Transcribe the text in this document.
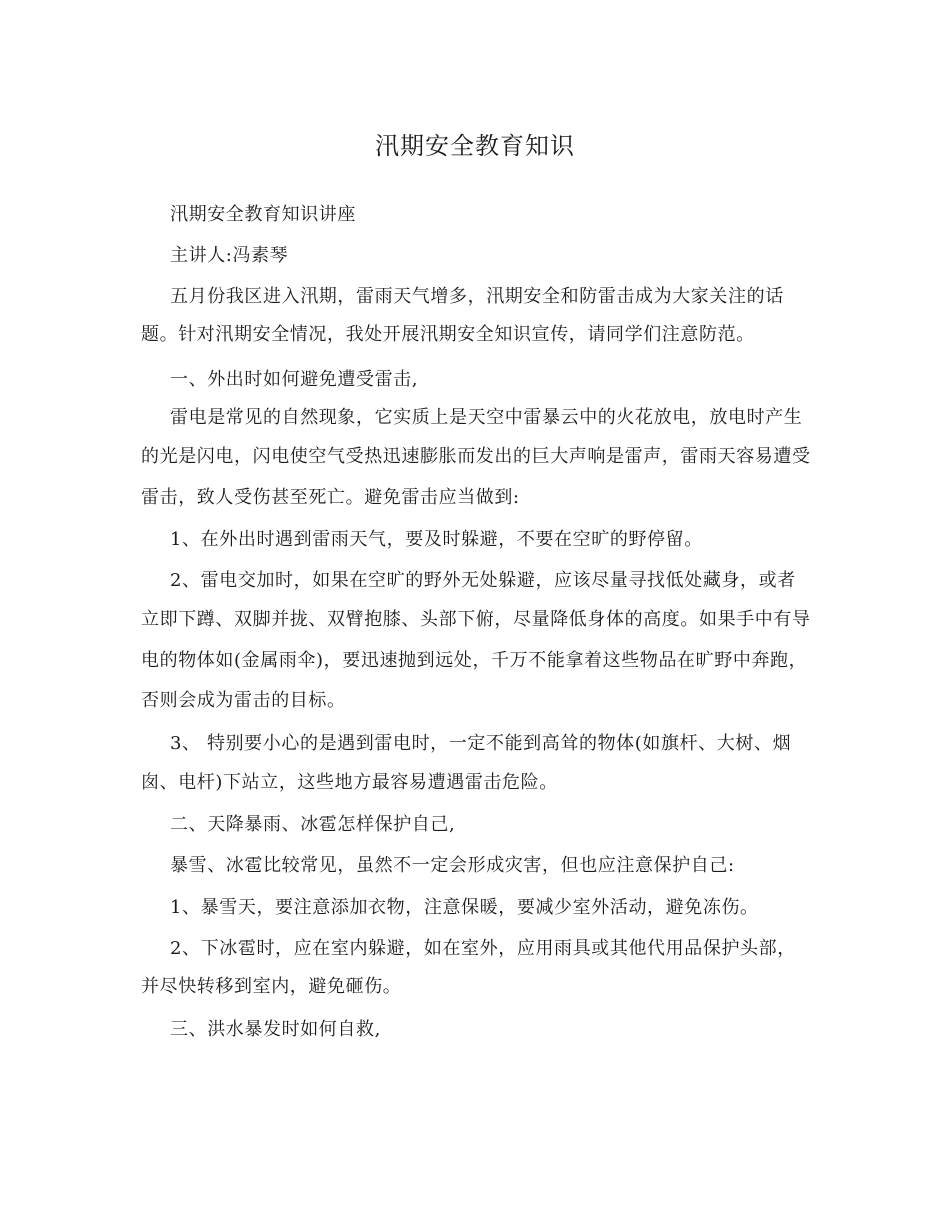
汛期安全教育知识
汛期安全教育知识讲座
主讲人:冯素琴
五月份我区进入汛期，雷雨天气增多，汛期安全和防雷击成为大家关注的话
题。针对汛期安全情况，我处开展汛期安全知识宣传，请同学们注意防范。
一、外出时如何避免遭受雷击,
雷电是常见的自然现象，它实质上是天空中雷暴云中的火花放电，放电时产生
的光是闪电，闪电使空气受热迅速膨胀而发出的巨大声响是雷声，雷雨天容易遭受
雷击，致人受伤甚至死亡。避免雷击应当做到:
1、在外出时遇到雷雨天气，要及时躲避，不要在空旷的野停留。
2、雷电交加时，如果在空旷的野外无处躲避，应该尽量寻找低处藏身，或者
立即下蹲、双脚并拢、双臂抱膝、头部下俯，尽量降低身体的高度。如果手中有导
电的物体如(金属雨伞)，要迅速抛到远处，千万不能拿着这些物品在旷野中奔跑，
否则会成为雷击的目标。
3、 特别要小心的是遇到雷电时，一定不能到高耸的物体(如旗杆、大树、烟
囱、电杆)下站立，这些地方最容易遭遇雷击危险。
二、天降暴雨、冰雹怎样保护自己,
暴雪、冰雹比较常见，虽然不一定会形成灾害，但也应注意保护自己:
1、暴雪天，要注意添加衣物，注意保暖，要减少室外活动，避免冻伤。
2、下冰雹时，应在室内躲避，如在室外，应用雨具或其他代用品保护头部，
并尽快转移到室内，避免砸伤。
三、洪水暴发时如何自救,
